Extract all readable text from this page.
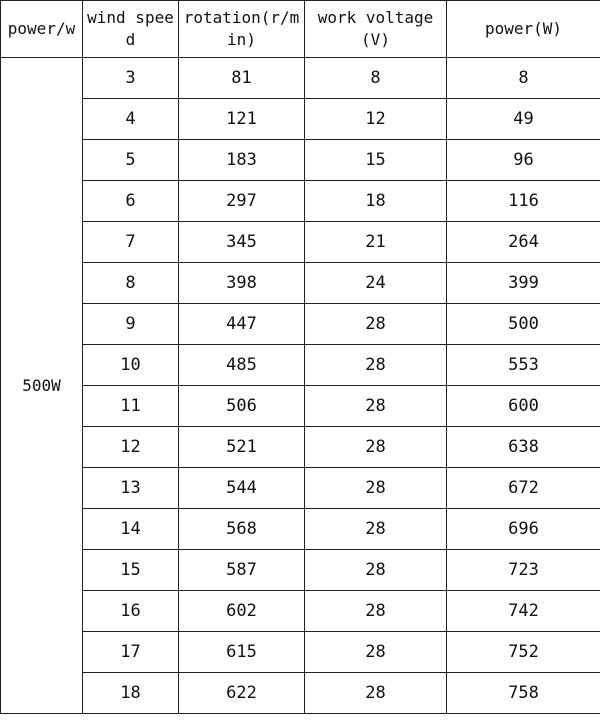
power/w	wind speed	rotation(r/min)	work voltage (V)	power(W)
500W	3	81	8	8
	4	121	12	49
	5	183	15	96
	6	297	18	116
	7	345	21	264
	8	398	24	399
	9	447	28	500
	10	485	28	553
	11	506	28	600
	12	521	28	638
	13	544	28	672
	14	568	28	696
	15	587	28	723
	16	602	28	742
	17	615	28	752
	18	622	28	758
